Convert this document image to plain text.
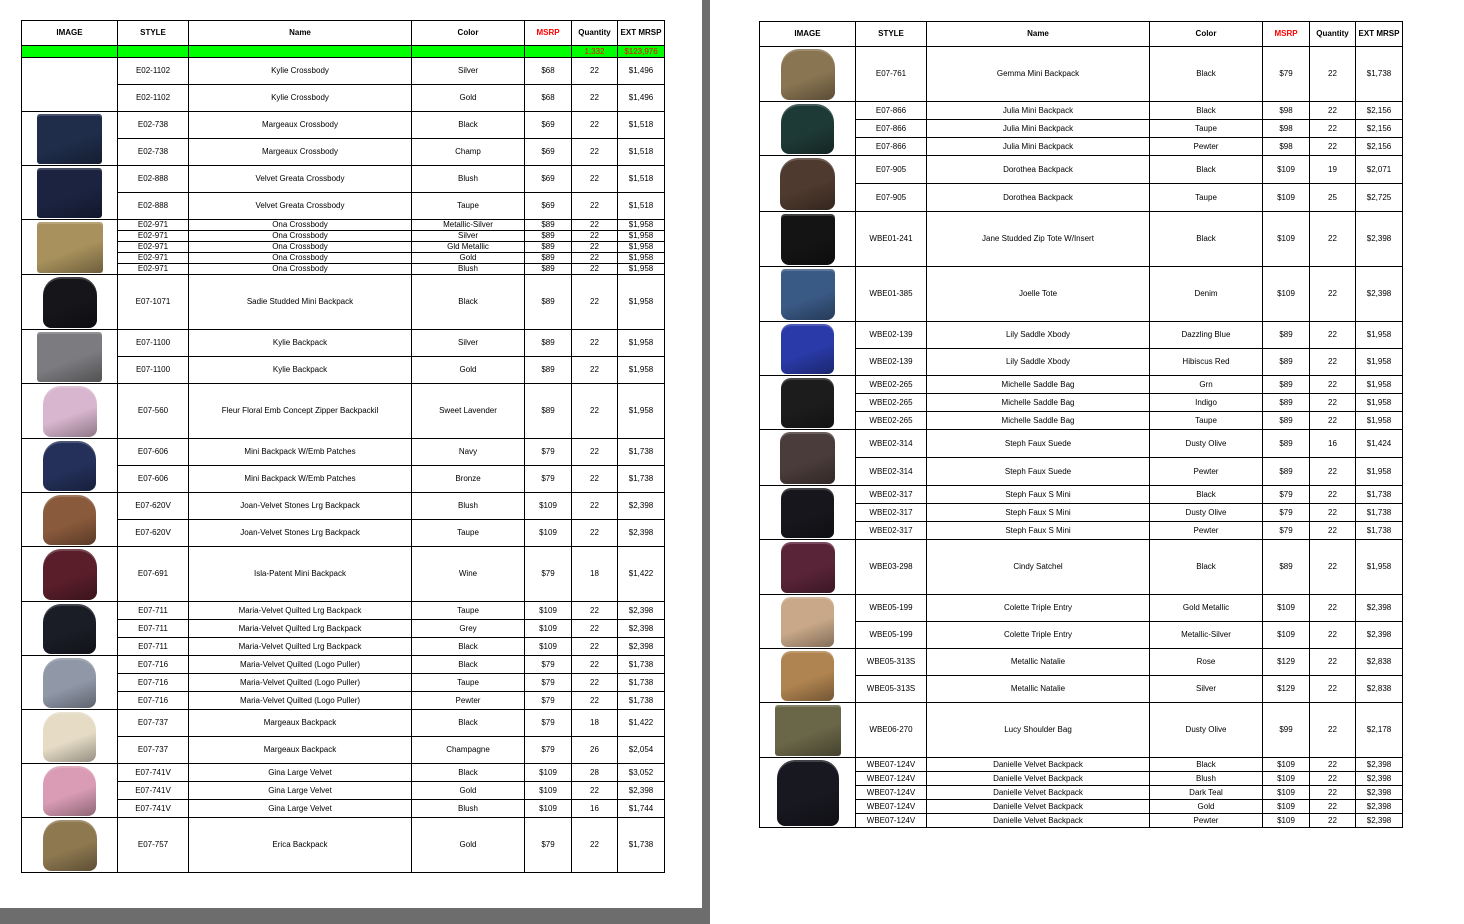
IMAGE	STYLE	Name	Color	MSRP	Quantity	EXT MRSP
					1,332	$123,976
	E02-1102	Kylie Crossbody	Silver	$68	22	$1,496
	E02-1102	Kylie Crossbody	Gold	$68	22	$1,496

	E02-738	Margeaux Crossbody	Black	$69	22	$1,518
	E02-738	Margeaux Crossbody	Champ	$69	22	$1,518

	E02-888	Velvet Greata Crossbody	Blush	$69	22	$1,518
	E02-888	Velvet Greata Crossbody	Taupe	$69	22	$1,518

	E02-971	Ona Crossbody	Metallic-Silver	$89	22	$1,958
	E02-971	Ona Crossbody	Silver	$89	22	$1,958
	E02-971	Ona Crossbody	Gld Metallic	$89	22	$1,958
	E02-971	Ona Crossbody	Gold	$89	22	$1,958
	E02-971	Ona Crossbody	Blush	$89	22	$1,958

	E07-1071	Sadie Studded Mini Backpack	Black	$89	22	$1,958

	E07-1100	Kylie Backpack	Silver	$89	22	$1,958
	E07-1100	Kylie Backpack	Gold	$89	22	$1,958

	E07-560	Fleur Floral Emb Concept Zipper Backpackil	Sweet Lavender	$89	22	$1,958

	E07-606	Mini Backpack W/Emb Patches	Navy	$79	22	$1,738
	E07-606	Mini Backpack W/Emb Patches	Bronze	$79	22	$1,738

	E07-620V	Joan-Velvet Stones Lrg Backpack	Blush	$109	22	$2,398
	E07-620V	Joan-Velvet Stones Lrg Backpack	Taupe	$109	22	$2,398

	E07-691	Isla-Patent Mini Backpack	Wine	$79	18	$1,422

	E07-711	Maria-Velvet Quilted Lrg Backpack	Taupe	$109	22	$2,398
	E07-711	Maria-Velvet Quilted Lrg Backpack	Grey	$109	22	$2,398
	E07-711	Maria-Velvet Quilted Lrg Backpack	Black	$109	22	$2,398

	E07-716	Maria-Velvet Quilted (Logo Puller)	Black	$79	22	$1,738
	E07-716	Maria-Velvet Quilted (Logo Puller)	Taupe	$79	22	$1,738
	E07-716	Maria-Velvet Quilted (Logo Puller)	Pewter	$79	22	$1,738

	E07-737	Margeaux Backpack	Black	$79	18	$1,422
	E07-737	Margeaux Backpack	Champagne	$79	26	$2,054

	E07-741V	Gina Large Velvet	Black	$109	28	$3,052
	E07-741V	Gina Large Velvet	Gold	$109	22	$2,398
	E07-741V	Gina Large Velvet	Blush	$109	16	$1,744

	E07-757	Erica Backpack	Gold	$79	22	$1,738
IMAGE	STYLE	Name	Color	MSRP	Quantity	EXT MRSP

	E07-761	Gemma Mini Backpack	Black	$79	22	$1,738

	E07-866	Julia Mini Backpack	Black	$98	22	$2,156
	E07-866	Julia Mini Backpack	Taupe	$98	22	$2,156
	E07-866	Julia Mini Backpack	Pewter	$98	22	$2,156

	E07-905	Dorothea Backpack	Black	$109	19	$2,071
	E07-905	Dorothea Backpack	Taupe	$109	25	$2,725

	WBE01-241	Jane Studded Zip Tote W/Insert	Black	$109	22	$2,398

	WBE01-385	Joelle Tote	Denim	$109	22	$2,398

	WBE02-139	Lily Saddle Xbody	Dazzling Blue	$89	22	$1,958
	WBE02-139	Lily Saddle Xbody	Hibiscus Red	$89	22	$1,958

	WBE02-265	Michelle Saddle Bag	Grn	$89	22	$1,958
	WBE02-265	Michelle Saddle Bag	Indigo	$89	22	$1,958
	WBE02-265	Michelle Saddle Bag	Taupe	$89	22	$1,958

	WBE02-314	Steph Faux Suede	Dusty Olive	$89	16	$1,424
	WBE02-314	Steph Faux Suede	Pewter	$89	22	$1,958

	WBE02-317	Steph Faux S Mini	Black	$79	22	$1,738
	WBE02-317	Steph Faux S Mini	Dusty Olive	$79	22	$1,738
	WBE02-317	Steph Faux S Mini	Pewter	$79	22	$1,738

	WBE03-298	Cindy Satchel	Black	$89	22	$1,958

	WBE05-199	Colette Triple Entry	Gold Metallic	$109	22	$2,398
	WBE05-199	Colette Triple Entry	Metallic-Silver	$109	22	$2,398

	WBE05-313S	Metallic Natalie	Rose	$129	22	$2,838
	WBE05-313S	Metallic Natalie	Silver	$129	22	$2,838

	WBE06-270	Lucy Shoulder Bag	Dusty Olive	$99	22	$2,178

	WBE07-124V	Danielle Velvet Backpack	Black	$109	22	$2,398
	WBE07-124V	Danielle Velvet Backpack	Blush	$109	22	$2,398
	WBE07-124V	Danielle Velvet Backpack	Dark Teal	$109	22	$2,398
	WBE07-124V	Danielle Velvet Backpack	Gold	$109	22	$2,398
	WBE07-124V	Danielle Velvet Backpack	Pewter	$109	22	$2,398
